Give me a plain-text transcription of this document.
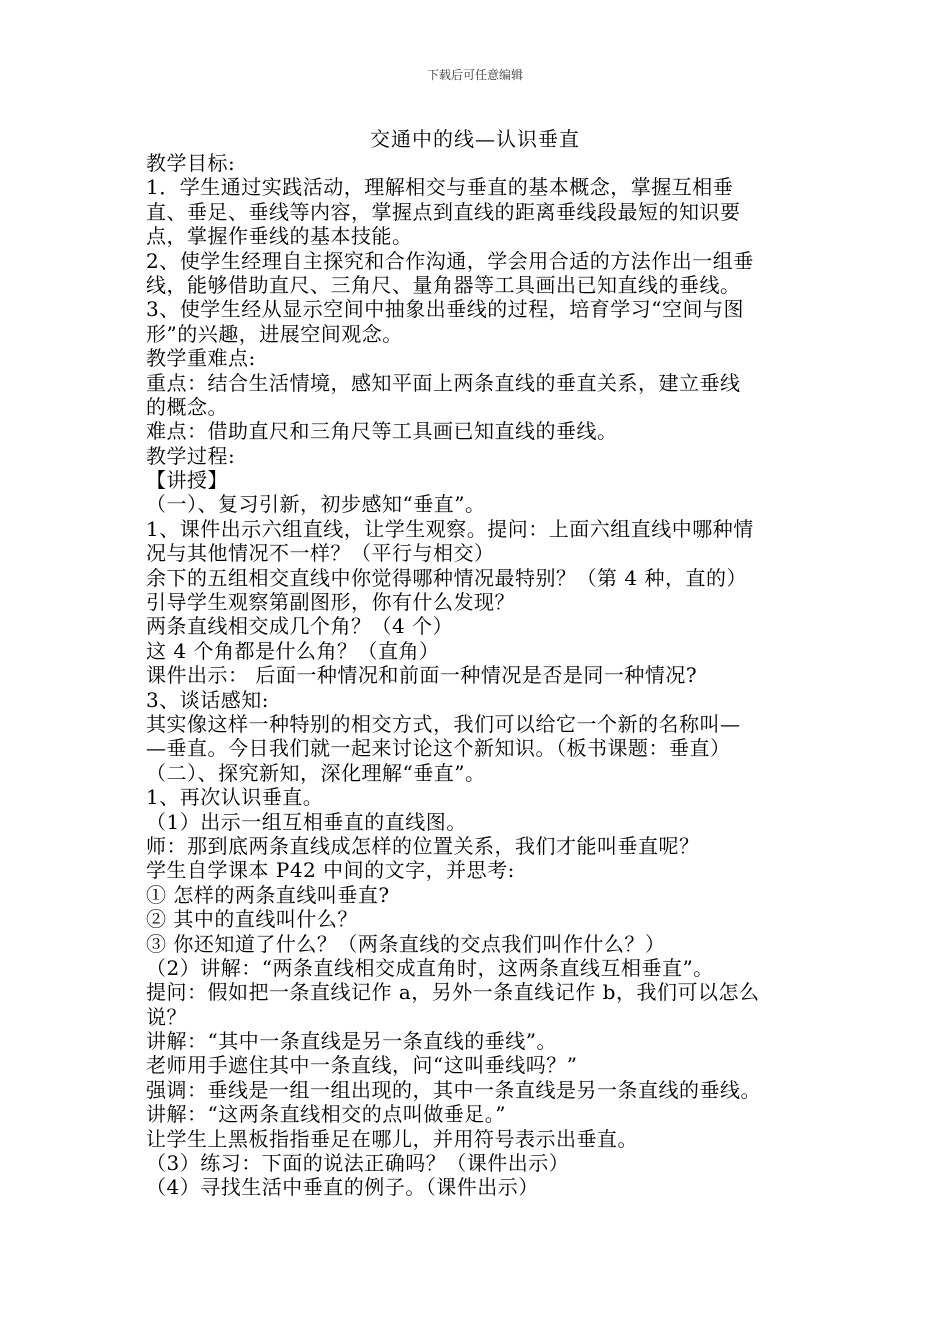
下载后可任意编辑
交通中的线—认识垂直
教学目标:
1．学生通过实践活动，理解相交与垂直的基本概念，掌握互相垂
直、垂足、垂线等内容，掌握点到直线的距离垂线段最短的知识要
点，掌握作垂线的基本技能。
2、使学生经理自主探究和合作沟通，学会用合适的方法作出一组垂
线，能够借助直尺、三角尺、量角器等工具画出已知直线的垂线。
3、使学生经从显示空间中抽象出垂线的过程，培育学习“空间与图
形”的兴趣，进展空间观念。
教学重难点:
重点：结合生活情境，感知平面上两条直线的垂直关系，建立垂线
的概念。
难点：借助直尺和三角尺等工具画已知直线的垂线。
教学过程:
【讲授】
（一）、复习引新，初步感知“垂直”。
1、课件出示六组直线，让学生观察。提问：上面六组直线中哪种情
况与其他情况不一样？（平行与相交）
余下的五组相交直线中你觉得哪种情况最特别？（第 4 种，直的）
引导学生观察第副图形，你有什么发现？
两条直线相交成几个角？（4 个）
这 4 个角都是什么角？（直角）
课件出示： 后面一种情况和前面一种情况是否是同一种情况?
3、谈话感知:
其实像这样一种特别的相交方式，我们可以给它一个新的名称叫—
—垂直。今日我们就一起来讨论这个新知识。（板书课题：垂直）
（二）、探究新知，深化理解“垂直”。
1、再次认识垂直。
（1）出示一组互相垂直的直线图。
师：那到底两条直线成怎样的位置关系，我们才能叫垂直呢？
学生自学课本 P42 中间的文字，并思考:
① 怎样的两条直线叫垂直?
② 其中的直线叫什么？
③ 你还知道了什么？（两条直线的交点我们叫作什么？）
（2）讲解：“两条直线相交成直角时，这两条直线互相垂直”。
提问：假如把一条直线记作 a，另外一条直线记作 b，我们可以怎么
说？
讲解：“其中一条直线是另一条直线的垂线”。
老师用手遮住其中一条直线，问“这叫垂线吗？”
强调：垂线是一组一组出现的，其中一条直线是另一条直线的垂线。
讲解：“这两条直线相交的点叫做垂足。”
让学生上黑板指指垂足在哪儿，并用符号表示出垂直。
（3）练习：下面的说法正确吗？（课件出示）
（4）寻找生活中垂直的例子。（课件出示）
